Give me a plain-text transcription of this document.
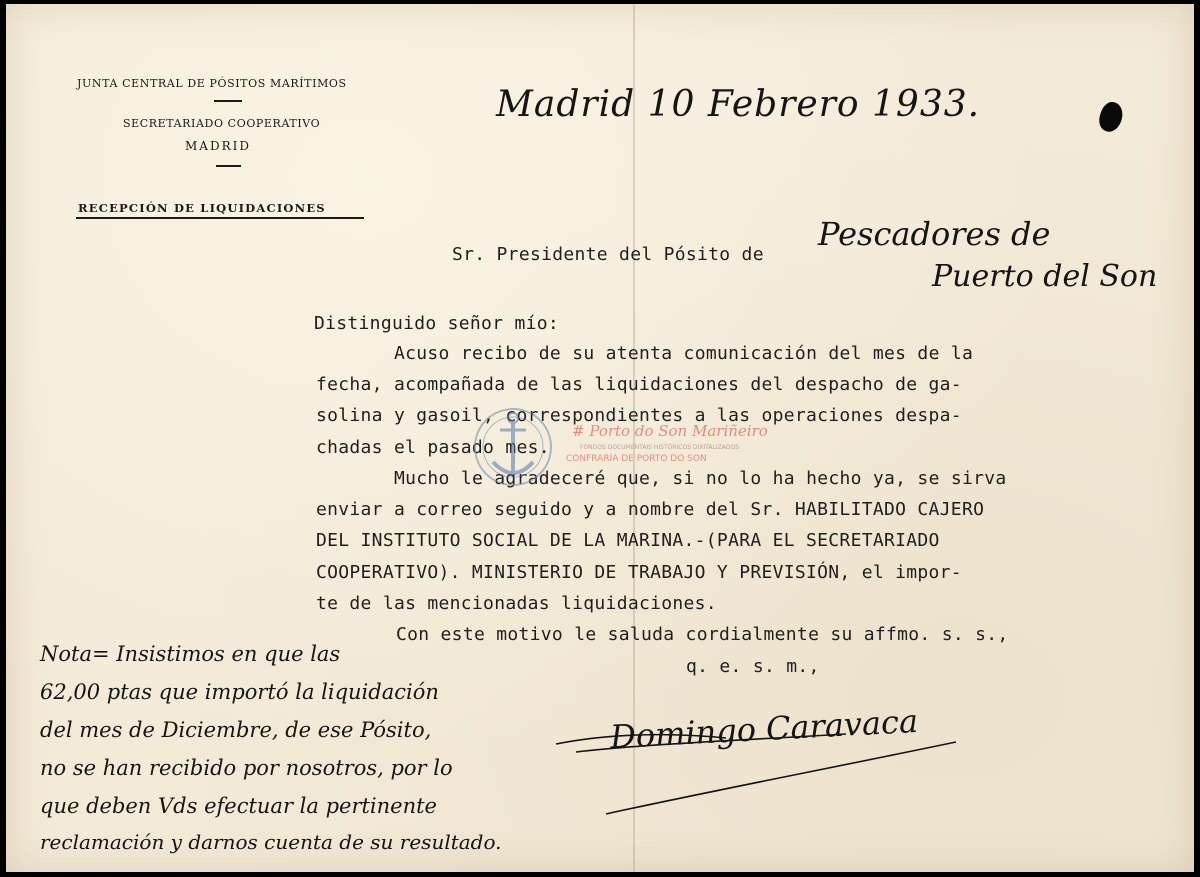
JUNTA CENTRAL DE PÓSITOS MARÍTIMOS
SECRETARIADO COOPERATIVO
MADRID
RECEPCIÓN DE LIQUIDACIONES
Madrid 10 Febrero 1933.
Sr. Presidente del Pósito de
Pescadores de
Puerto del Son
Distinguido señor mío:
Acuso recibo de su atenta comunicación del mes de la
fecha, acompañada de las liquidaciones del despacho de ga-
solina y gasoil, correspondientes a las operaciones despa-
chadas el pasado mes.
Mucho le agradeceré que, si no lo ha hecho ya, se sirva
enviar a correo seguido y a nombre del Sr. HABILITADO CAJERO
DEL INSTITUTO SOCIAL DE LA MARINA.-(PARA EL SECRETARIADO
COOPERATIVO). MINISTERIO DE TRABAJO Y PREVISIÓN, el impor-
te de las mencionadas liquidaciones.
Con este motivo le saluda cordialmente su affmo. s. s.,
q. e. s. m.,
Domingo Caravaca
Nota= Insistimos en que las
62,00 ptas que importó la liquidación
del mes de Diciembre, de ese Pósito,
no se han recibido por nosotros, por lo
que deben Vds efectuar la pertinente
reclamación y darnos cuenta de su resultado.
# Porto do Son Mariñeiro
FONDOS DOCUMENTAIS HISTÓRICOS DIXITALIZADOS
CONFRARÍA DE PORTO DO SON
